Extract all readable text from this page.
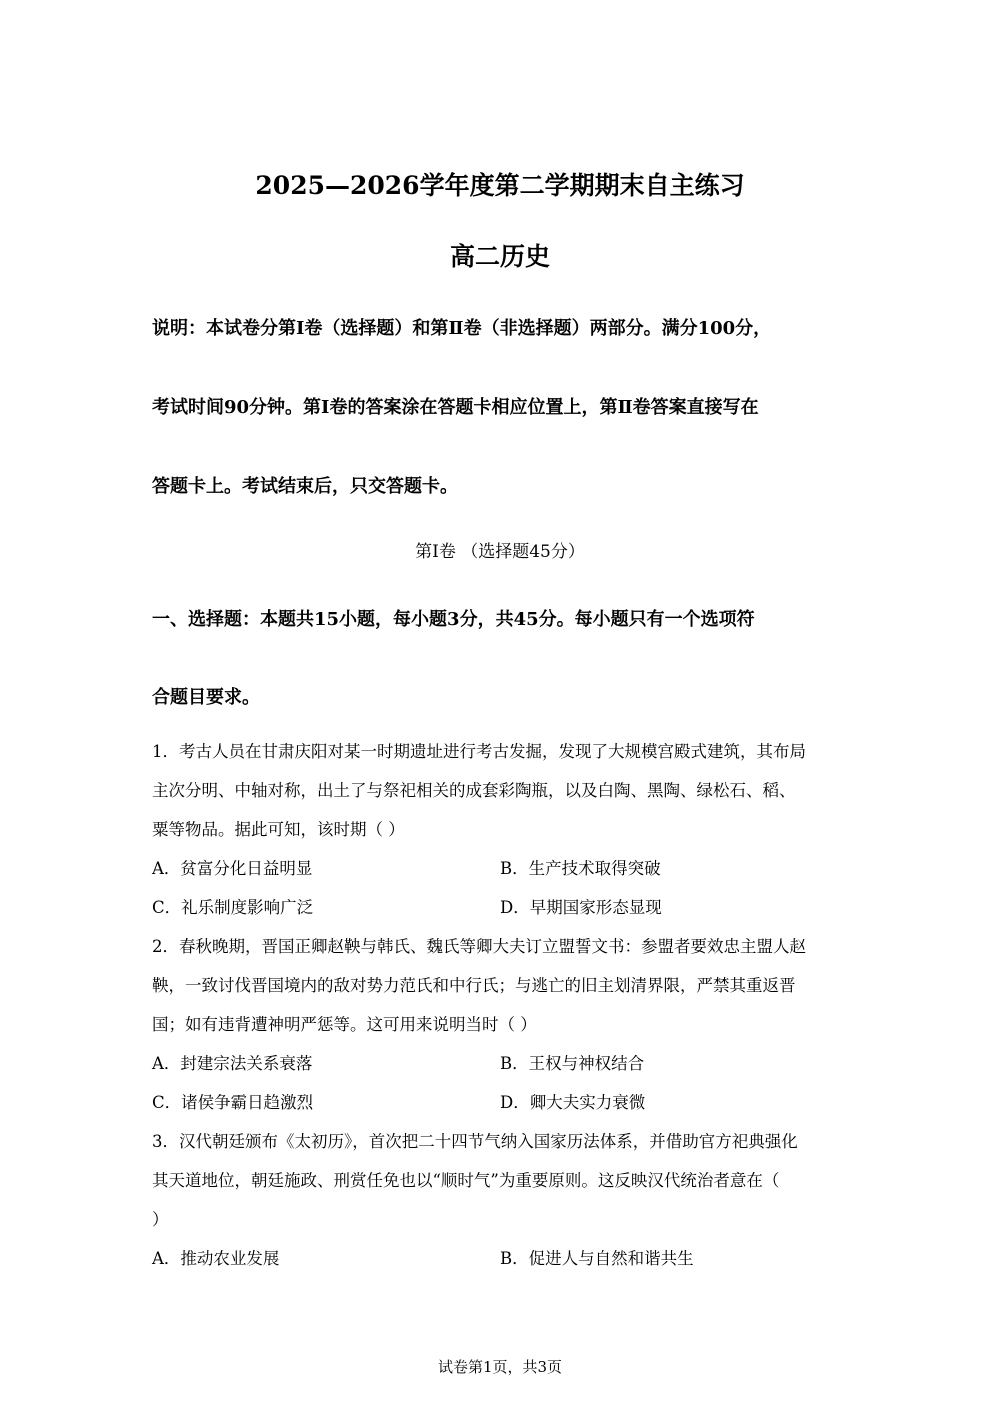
2025—2026学年度第二学期期末自主练习
高二历史
说明：本试卷分第Ⅰ卷（选择题）和第Ⅱ卷（非选择题）两部分。满分100分，
考试时间90分钟。第Ⅰ卷的答案涂在答题卡相应位置上，第Ⅱ卷答案直接写在
答题卡上。考试结束后，只交答题卡。
第Ⅰ卷 （选择题45分）
一、选择题：本题共15小题，每小题3分，共45分。每小题只有一个选项符
合题目要求。
1．考古人员在甘肃庆阳对某一时期遗址进行考古发掘，发现了大规模宫殿式建筑，其布局
主次分明、中轴对称，出土了与祭祀相关的成套彩陶瓶，以及白陶、黑陶、绿松石、稻、
粟等物品。据此可知，该时期（ ）
A．贫富分化日益明显	B．生产技术取得突破
C．礼乐制度影响广泛	D．早期国家形态显现
2．春秋晚期，晋国正卿赵鞅与韩氏、魏氏等卿大夫订立盟誓文书：参盟者要效忠主盟人赵
鞅，一致讨伐晋国境内的敌对势力范氏和中行氏；与逃亡的旧主划清界限，严禁其重返晋
国；如有违背遭神明严惩等。这可用来说明当时（ ）
A．封建宗法关系衰落	B．王权与神权结合
C．诸侯争霸日趋激烈	D．卿大夫实力衰微
3．汉代朝廷颁布《太初历》，首次把二十四节气纳入国家历法体系，并借助官方祀典强化
其天道地位，朝廷施政、刑赏任免也以“顺时气”为重要原则。这反映汉代统治者意在（
）
A．推动农业发展	B．促进人与自然和谐共生
试卷第1页，共3页
